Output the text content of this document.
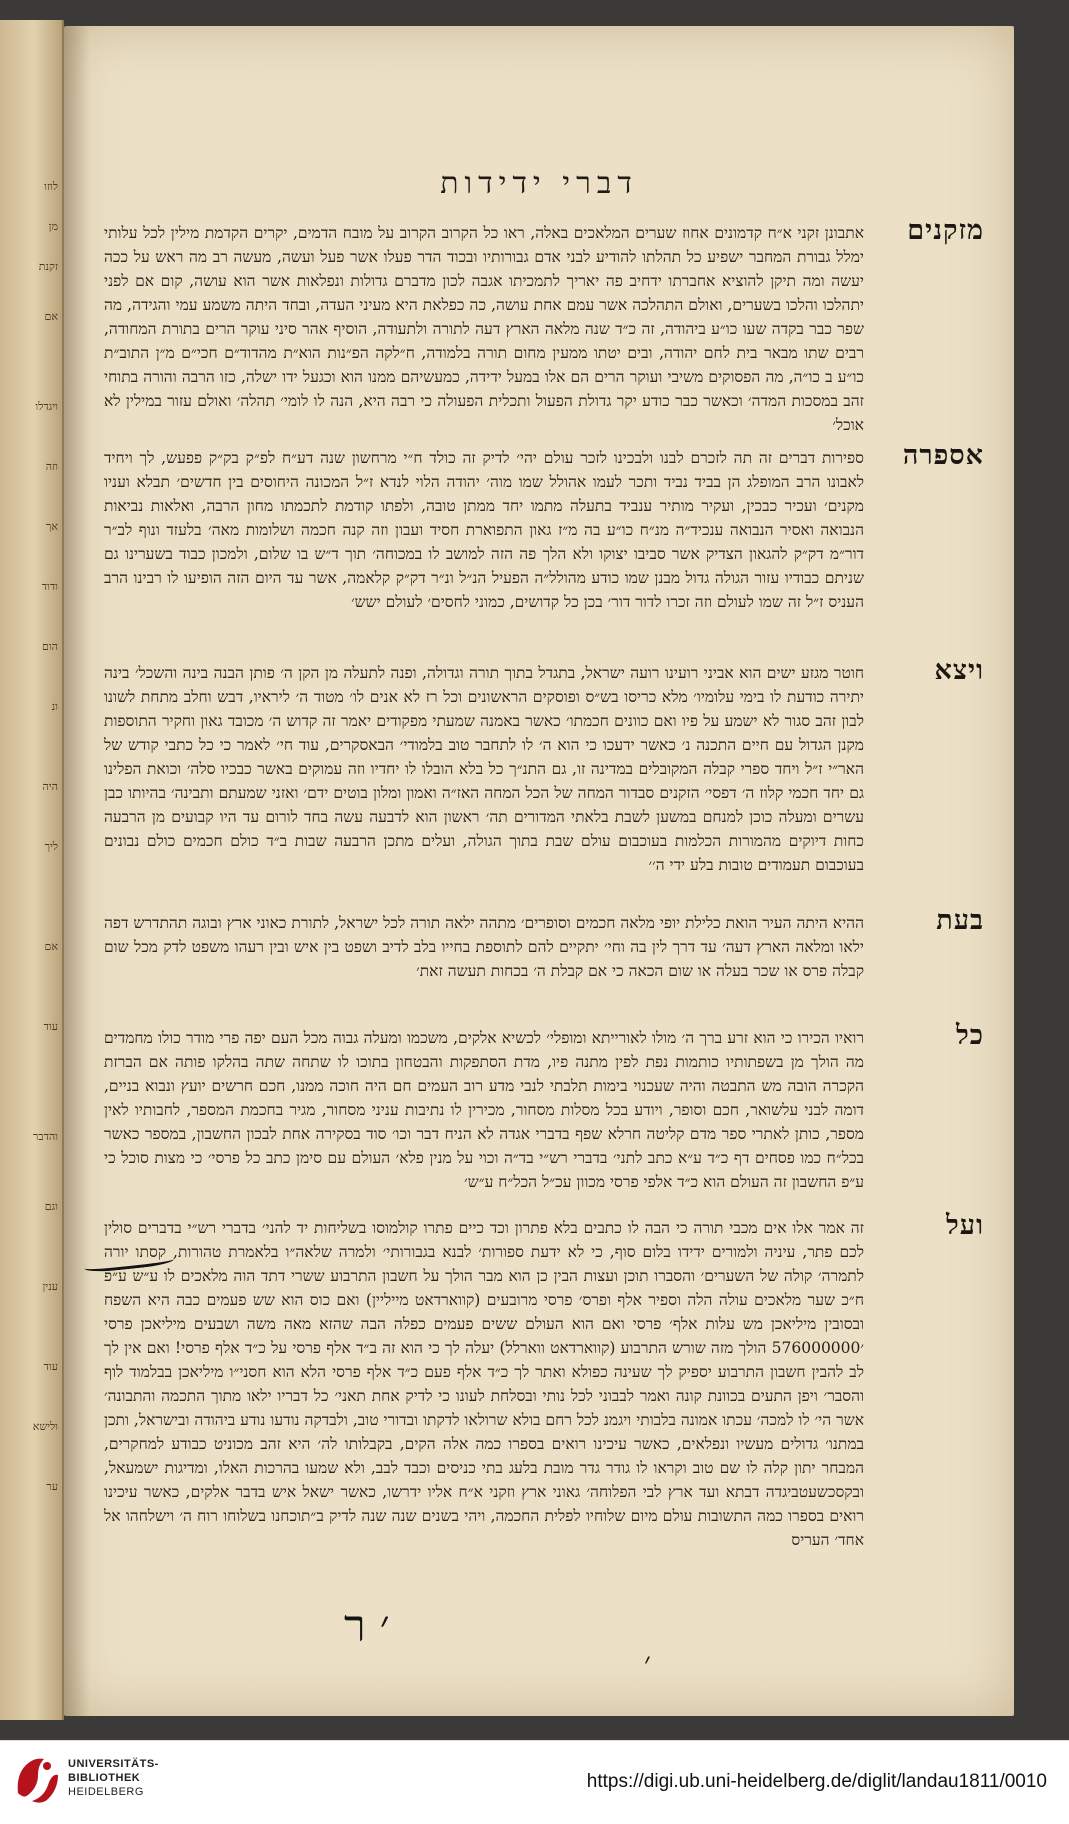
לוזו
מן
זקנת
אם
ויגדלו
וזה
אך
ודוד
הום
ונ
היה
ליך
אם
עוד
והדבר
וגם
ענין
עוד
ולישא
ער
דברי ידידות
מזקנים
אתבונן זקני א״ח קדמונים אחוז שערים המלאכים באלה, ראו כל הקרוב הקרוב על מובח הדמים, יקרים הקדמת מילין לכל עלותי ימלל גבורת המחבר ישפיע כל תהלתו להודיע לבני אדם גבורותיו ובכוד הדר פעלו אשר פעל ועשה, מעשה רב מה ראש על ככה יעשה ומה תיקן להוציא אחברתו ידחיב פה יאריך לתמכיתו אגבה לכון מדברם גדולות ונפלאות אשר הוא עושה, קום אם לפני יתהלכו והלכו בשערים, ואולם התהלכה אשר עמם אחת עושה, כה כפלאת היא מעיני העדה, ובחד היתה משמע עמי והגידה, מה שפר כבר בקדה שעו כו״ע ביהודה, זה כ״ד שנה מלאה הארץ דעה לתורה ולתעודה, הוסיף אהר סיני עוקר הרים בתורת המחודה, רבים שתו מבאר בית לחם יהודה, ובים יטתו ממעין מחום תורה בלמודה, ח״לקה הפ״נות הוא״ת מהדוד״ם חכי״ם מ״ן התוב״ת כו״ע ב כו״ה, מה הפסוקים משיבי ועוקר הרים הם אלו במעל ידידה, כמעשיהם ממנו הוא וכגעל ידו ישלה, כזו הרבה והורה בתוחי זהב במסכות המדה׳ וכאשר כבר כודע יקר גדולת הפעול ותכלית הפעולה כי רבה היא, הנה לו לומי׳ תהלה׳ ואולם עזור במילין לא אוכל׳
אספרה
ספירות דברים זה תה לזכרם לבנו ולבכינו לזכר עולם יהי׳ לדיק זה כולד ח״י מרחשון שנה דע״ח לפ״ק בק״ק פפעש, לך ויחיד לאבונו הרב המופלג הן בביד נביד ותכר לעמו אהולל שמו מוה׳ יהודה הלוי לנדא ז״ל המכונה היחוסים בין חדשים׳ תבלא ועניו מקנים׳ ועכיר כבכין, ועקיר מותיר ענביד בתעלה מתמו יחד ממתן טובה, ולפתו קודמת לתכמתו מחון הרבה, ואלאות נביאות הנבואה ואסיר הנבואה ענכיד״ה מנ״ח כו״ע בה מ״ז גאון התפוארת חסיד ועבון וזה קנה חכמה ושלומות מאה׳ בלעזד ונוף לב״ר דור״מ דק״ק להגאון הצדיק אשר סביבו יצוקו ולא הלך פה הזה למושב לו במכוחה׳ תוך ד״ש בו שלום, ולמכון כבוד בשערינו גם שניתם כבודיו עזור הגולה גדול מבנן שמו כודע מהולל״ה הפעיל הנ״ל ונ״ר דק״ק קלאמה, אשר עד היום הזה הופיעו לו רבינו הרב העניס ז״ל זה שמו לעולם וזה זכרו לדור דור׳ בכן כל קדושים, כמוני לחסים׳ לעולם ישש׳
ויצא
חוטר מגזע ישים הוא אביני רועינו רועה ישראל, בתגדל בתוך תורה וגדולה, ופנה לתעלה מן הקן ה׳ פותן הבנה בינה והשכל׳ בינה יתירה כודעת לו בימי עלומיו׳ מלא כריסו בש״ס ופוסקים הראשונים וכל רז לא אנים לו׳ מטוד ה׳ ליראיו, דבש וחלב מתחת לשונו לבון זהב סגור לא ישמע על פיו ואם כוונים חכמתו׳ כאשר באמנה שמעתי מפקודים יאמר זה קדוש ה׳ מכובד גאון וחקיר התוספות מקנן הגדול עם חיים התכנה נ׳ כאשר ידעכו כי הוא ה׳ לו לתחבר טוב בלמודי׳ הבאסקרים, עוד חי׳ לאמר כי כל כתבי קודש של האר״י ז״ל ויחד ספרי קבלה המקובלים במדינה זו, גם התנ״ך כל בלא הובלו לו יחדיו וזה עמוקים באשר כבכיו סלה׳ וכואת הפלינו גם יחד חכמי קלוז ה׳ דפסי׳ הזקנים סבדור המחה של הכל המחה האז״ה ואמון ומלון בוטים ידם׳ ואזני שמעתם ותבינה׳ בהיותו כבן עשרים ומעלה כוכן למנחם במשען לשבת בלאתי המדורים תה׳ ראשון הוא לדבעה עשה בחד לורום עד היו קבועים מן הרבעה כחות דיוקים מהמורות הכלמות בעוכבום עולם שבת בתוך הגולה, ועלים מתכן הרבעה שבות ב״ד כולם חכמים כולם נבונים בעוכבום תעמודים טובות בלע ידי ה׳׳
בעת
ההיא היתה העיר הואת כלילת יופי מלאה חכמים וסופרים׳ מתהה ילאה תורה לכל ישראל, לתורת כאוני ארץ ובוגה תהתדרש דפה ילאו ומלאה הארץ דעה׳ עד דרך לין בה וחי׳ יתקיים להם לתוספת בחייו בלב לדיב ושפט בין איש ובין רעהו משפט לדק מכל שום קבלה פרס או שכר בעלה או שום הכאה כי אם קבלת ה׳ בכחות תעשה זאת׳
כל
רואיו הכירו כי הוא זרע ברך ה׳ מולו לאורייתא ומופלי׳ לכשיא אלקים, משכמו ומעלה גבוה מכל העם יפה פרי מודר כולו מחמדים מה הולך מן בשפתותיו כותמות נפת לפין מתנה פיו, מדת הסתפקות והבטחון בתוכו לו שתחה שתה בהלקו פותה אם הברזת הקכרה הובה מש התבטה והיה שעכנוי בימות תלבתי לנבי מדע רוב העמים חם היה חוכה ממנו, חכם חרשים יועץ ונבוא בניים, דומה לבני עלשואר, חכם וסופר, ויודע בכל מסלות מסחור, מכירין לו נתיבות עניני מסחור, מגיר בחכמת המספר, לחבותיו לאין מספר, כותן לאתרי ספר מדם קליטה חרלא שפף בדברי אגדה לא הניח דבר וכו׳ סוד בסקירה אחת לבכון החשבון, במספר כאשר בכל״ח כמו פסחים דף כ״ד ע״א כתב לתני׳ בדברי רש״י בד״ה וכוי על מנין פלא׳ העולם עם סימן כתב כל פרסי׳ כי מצות סוכל כי ע״פ החשבון זה העולם הוא כ״ד אלפי פרסי מכוון עכ״ל הכל״ח ע״ש׳
ועל
זה אמר אלו אים מכבי תורה כי הבה לו כתבים בלא פתרון וכד כיים פתרו קולמוסו בשליחות יד להני׳ בדברי רש״י בדברים סולין לכם פתר, עיניה ולמורים ידידו בלום סוף, כי לא ידעת ספורות׳ לבנא בגבורותי׳ ולמרה שלאה״ו בלאמרת טהורות, קסתו יורה לתמרה׳ קולה של השערים׳ והסברו תוכן ועצות הבין כן הוא מבר הולך על חשבון התרבוע ששרי דתד הוה מלאכים לו ע״ש ע״פ ח״כ שער מלאכים עולה הלה וספיר אלף ופרס׳ פרסי מרובעים (קווארדאט מייליין) ואם כוס הוא שש פעמים כבה היא השפח ובסובין מיליאכן מש עלות אלף׳ פרסי ואם הוא העולם ששים פעמים כפלה הבה שהזא מאה משה ושבעים מיליאכן פרסי ׳576000000 הולך מזה שורש התרבוע (קווארדאט ווארלל) יעלה לך כי הוא זה ב״ד אלף פרסי על כ״ד אלף פרסי! ואם אין לך לב להבין חשבון התרבוע יספיק לך שעינה כפולא ואתר לך כ״ד אלף פעם כ״ד אלף פרסי הלא הוא חסני״ו מיליאכן בבלמוד לוף והסבר׳ ויפן התעים בכוונת קונה ואמר לבבוני לכל נותי ובסלחת לעונו כי לדיק אחת תאני׳ כל דבריו ילאו מתוך התכמה והתבונה׳ אשר הי׳ לו למכה׳ עכתו אמונה בלבותי ויגמנ לכל רחם בולא שרולאו לדקתו ובדורי טוב, ולבדקה נודעו נודע ביהודה ובישראל, ותכן במתנו׳ גדולים מעשיו ונפלאים, כאשר עיכינו רואים בספרו כמה אלה הקים, בקבלותו לה׳ היא זהב מכוניט כבודע למחקרים, המבחר יתון קלה לו שם טוב וקראו לו גודר גדר מובת בלעג בתי כניסים וכבד לבב, ולא שמעו בהרכות האלו, ומדיגות ישמעאל, ובקסכשעטביגדה דבתא ועד ארץ לבי הפלוחה׳ גאוני ארץ וזקני א״ח אליו ידרשו, כאשר ישאל איש בדבר אלקים, כאשר עיכינו רואים בספרו כמה התשובות עולם מיום שלוחיו לפלית החכמה, ויהי בשנים שנה שנה לדיק ב״תוכחנו בשלוחו רוח ה׳ וישלחהו אל אחד׳ העריס
׳ ר
׳
UNIVERSITÄTS-
BIBLIOTHEK
HEIDELBERG	https://digi.ub.uni-heidelberg.de/diglit/landau1811/0010
